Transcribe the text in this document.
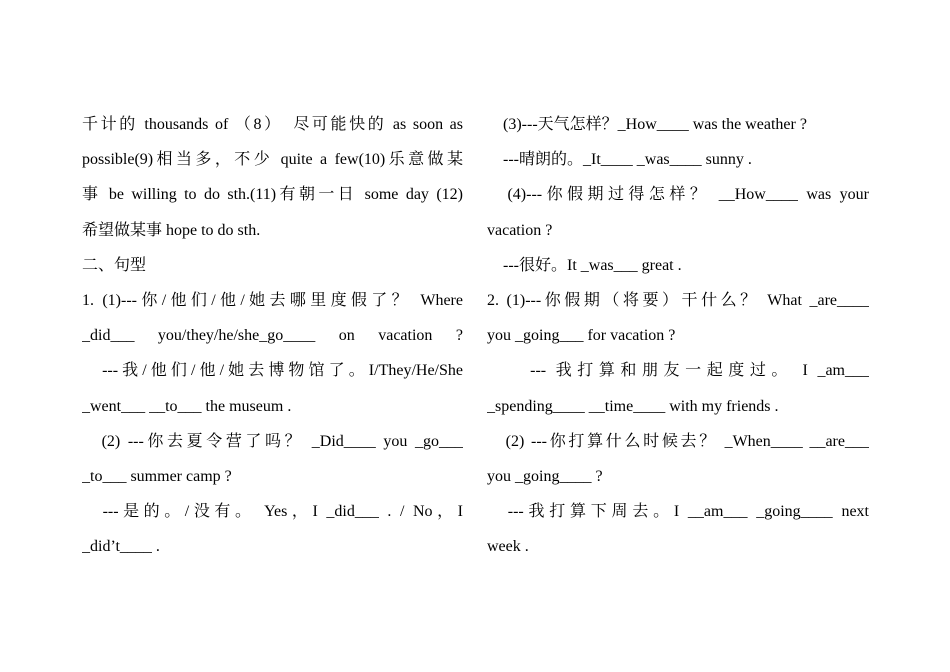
千计的 thousands of （8）　尽可能快的 as soon as
possible(9)相当多，不少 quite a few(10)乐意做某
事 be willing to do sth.(11)有朝一日 some day (12)
希望做某事 hope to do sth.
二、句型
1. (1)---你/他们/他/她去哪里度假了？ Where
_did___ you/they/he/she_go____ on vacation ?
　---我/他们/他/她去博物馆了。I/They/He/She
_went___ __to___ the museum .
　(2) ---你去夏令营了吗？ _Did____ you _go___
_to___ summer camp ?
　---是的。/没有。 Yes，I _did___ . / No，I
_did’t____ .
　(3)---天气怎样？_How____ was the weather ?
　---晴朗的。_It____ _was____ sunny .
　(4)---你假期过得怎样？ __How____ was your
vacation ?
　---很好。It _was___ great .
2. (1)---你假期（将要）干什么？ What _are____
you _going___ for vacation ?
　　--- 我打算和朋友一起度过。 I _am___
_spending____ __time____ with my friends .
　(2) ---你打算什么时候去？ _When____ __are___
you _going____ ?
　---我打算下周去。I __am___ _going____ next
week .
